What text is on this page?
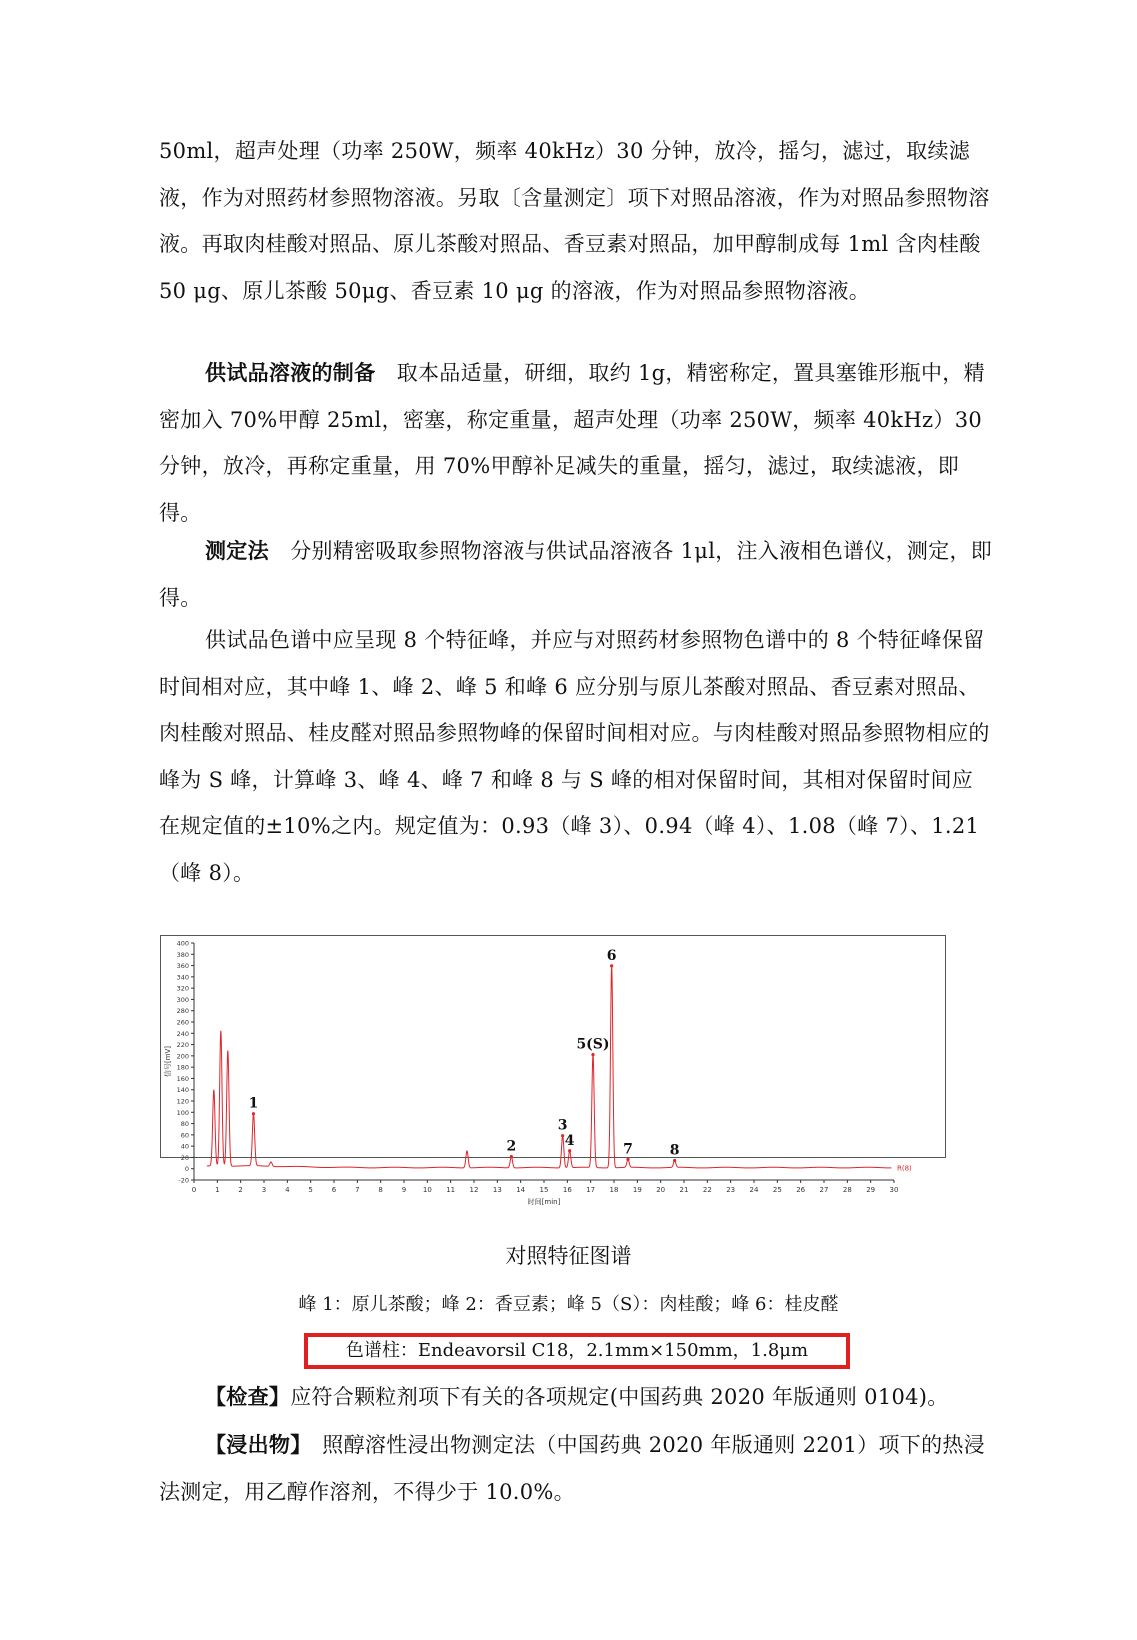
50ml，超声处理（功率 250W，频率 40kHz）30 分钟，放冷，摇匀，滤过，取续滤液，作为对照药材参照物溶液。另取〔含量测定〕项下对照品溶液，作为对照品参照物溶液。再取肉桂酸对照品、原儿茶酸对照品、香豆素对照品，加甲醇制成每 1ml 含肉桂酸 50 μg、原儿茶酸 50μg、香豆素 10 μg 的溶液，作为对照品参照物溶液。

供试品溶液的制备　取本品适量，研细，取约 1g，精密称定，置具塞锥形瓶中，精密加入 70%甲醇 25ml，密塞，称定重量，超声处理（功率 250W，频率 40kHz）30 分钟，放冷，再称定重量，用 70%甲醇补足减失的重量，摇匀，滤过，取续滤液，即得。

测定法　分别精密吸取参照物溶液与供试品溶液各 1μl，注入液相色谱仪，测定，即得。

供试品色谱中应呈现 8 个特征峰，并应与对照药材参照物色谱中的 8 个特征峰保留时间相对应，其中峰 1、峰 2、峰 5 和峰 6 应分别与原儿茶酸对照品、香豆素对照品、肉桂酸对照品、桂皮醛对照品参照物峰的保留时间相对应。与肉桂酸对照品参照物相应的峰为 S 峰，计算峰 3、峰 4、峰 7 和峰 8 与 S 峰的相对保留时间，其相对保留时间应在规定值的±10%之内。规定值为：0.93（峰 3）、0.94（峰 4）、1.08（峰 7）、1.21（峰 8）。

-20
0
20
40
60
80
100
120
140
160
180
200
220
240
260
280
300
320
340
360
380
400
0	1	2	3	4	5	6	7	8	9 10 11 12 13 14 15 16 17 18 19 20 21 22 23 24 25 26 27 28 29 30
信号[mV]
时间[min]
1
2
3
4
5(S)
6
7	8
R(8)

对照特征图谱

峰 1：原儿茶酸；峰 2：香豆素；峰 5（S）：肉桂酸；峰 6：桂皮醛

色谱柱：Endeavorsil C18，2.1mm×150mm，1.8μm

【检查】应符合颗粒剂项下有关的各项规定(中国药典 2020 年版通则 0104)。

【浸出物】　照醇溶性浸出物测定法（中国药典 2020 年版通则 2201）项下的热浸法测定，用乙醇作溶剂，不得少于 10.0%。
